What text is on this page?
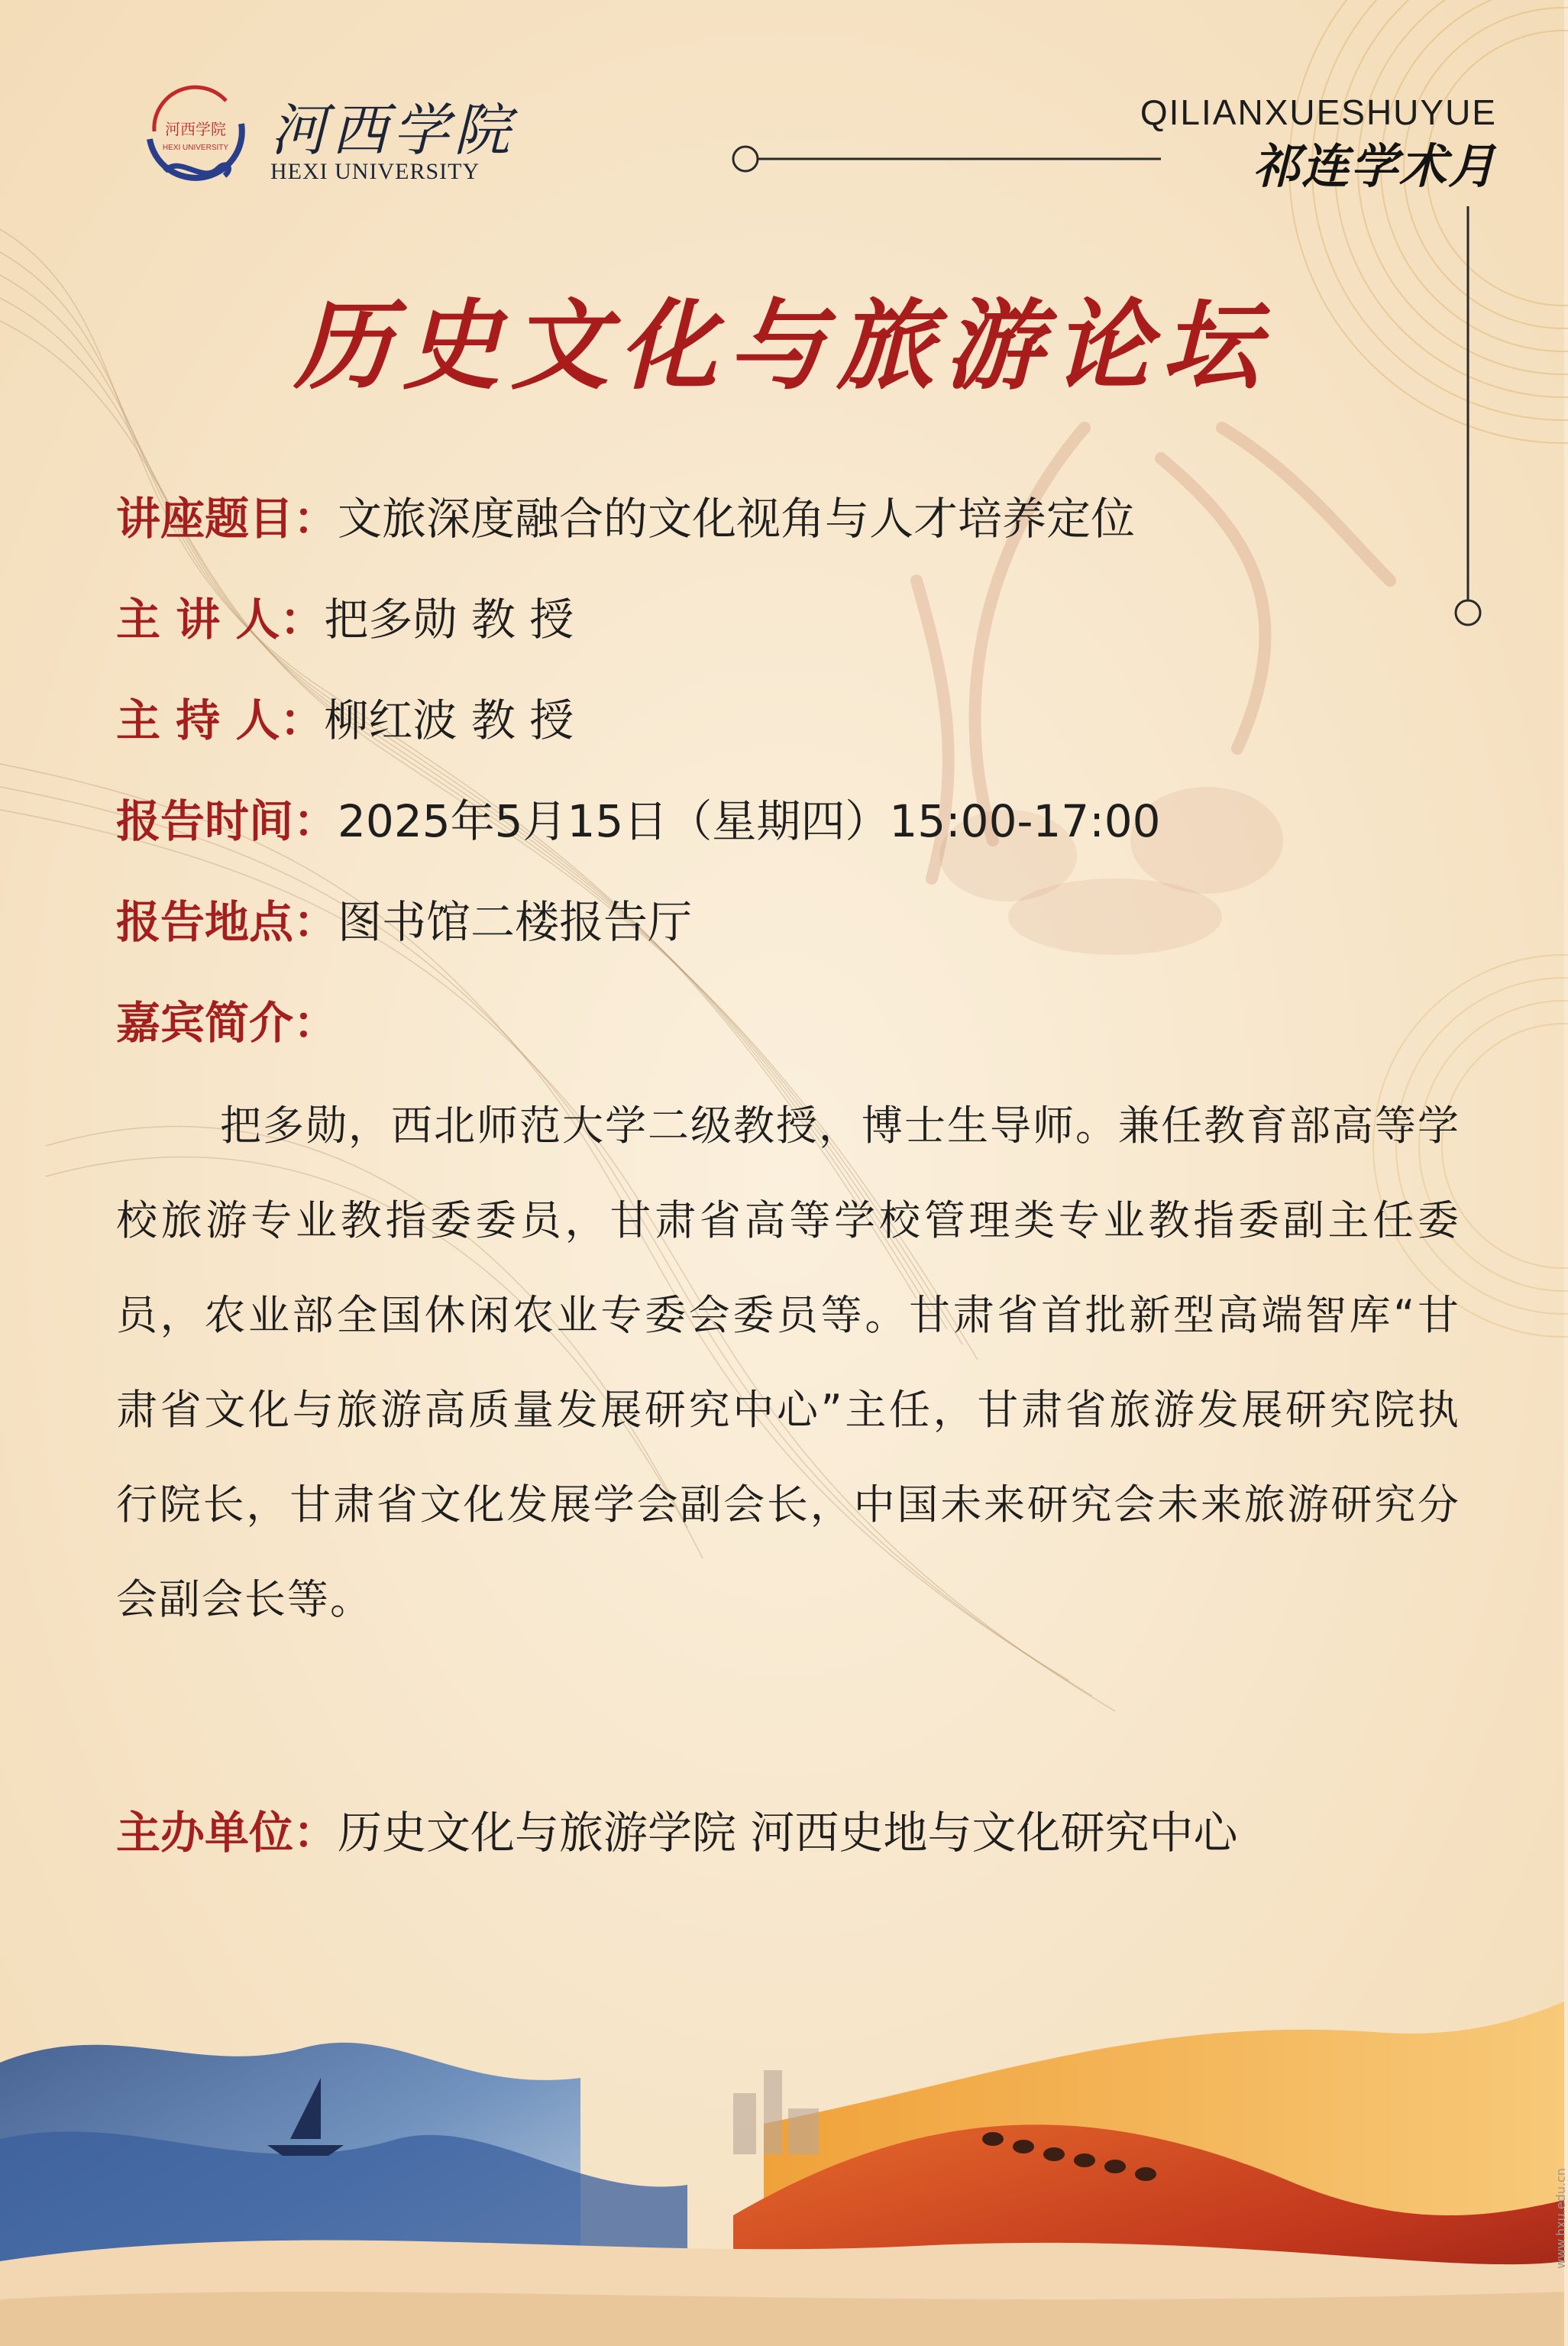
河西学院
HEXI UNIVERSITY 河西学院
HEXI UNIVERSITY
QILIANXUESHUYUE
祁连学术月
历史文化与旅游论坛
讲座题目：文旅深度融合的文化视角与人才培养定位
主 讲 人：把多勋 教 授
主 持 人：柳红波 教 授
报告时间：2025年5月15日（星期四）15:00-17:00
报告地点：图书馆二楼报告厅
嘉宾简介：
把多勋，西北师范大学二级教授，博士生导师。兼任教育部高等学校旅游专业教指委委员，甘肃省高等学校管理类专业教指委副主任委员，农业部全国休闲农业专委会委员等。甘肃省首批新型高端智库“甘肃省文化与旅游高质量发展研究中心”主任，甘肃省旅游发展研究院执行院长，甘肃省文化发展学会副会长，中国未来研究会未来旅游研究分会副会长等。
主办单位：历史文化与旅游学院 河西史地与文化研究中心
www.hxu.edu.cn
